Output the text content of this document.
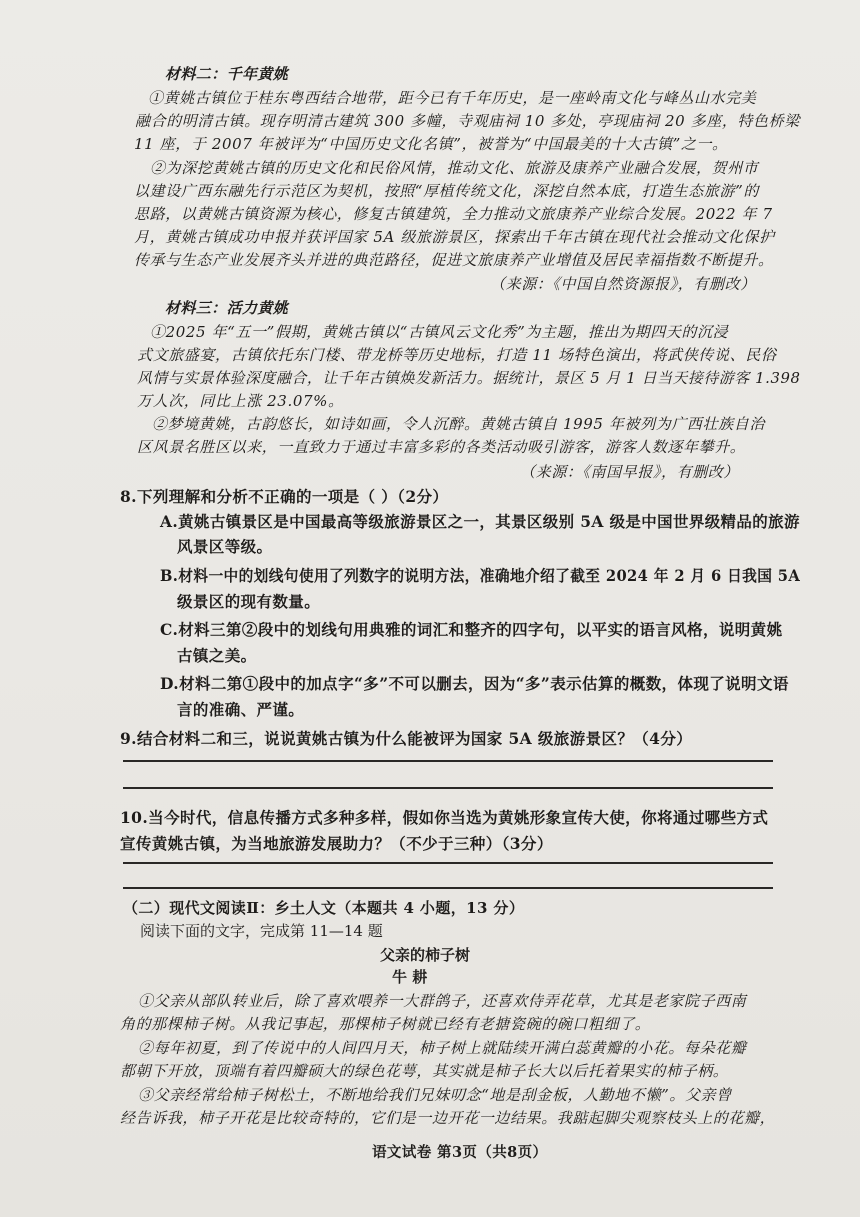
材料二：千年黄姚
①黄姚古镇位于桂东粤西结合地带，距今已有千年历史，是一座岭南文化与峰丛山水完美
融合的明清古镇。现存明清古建筑 300 多幢，寺观庙祠 10 多处，亭现庙祠 20 多座，特色桥梁
11 座，于 2007 年被评为“中国历史文化名镇”，被誉为“中国最美的十大古镇”之一。
②为深挖黄姚古镇的历史文化和民俗风情，推动文化、旅游及康养产业融合发展，贺州市
以建设广西东融先行示范区为契机，按照“厚植传统文化，深挖自然本底，打造生态旅游”的
思路，以黄姚古镇资源为核心，修复古镇建筑，全力推动文旅康养产业综合发展。2022 年 7
月，黄姚古镇成功申报并获评国家 5A 级旅游景区，探索出千年古镇在现代社会推动文化保护
传承与生态产业发展齐头并进的典范路径，促进文旅康养产业增值及居民幸福指数不断提升。
（来源：《中国自然资源报》，有删改）
材料三：活力黄姚
①2025 年“五一”假期，黄姚古镇以“古镇风云文化秀”为主题，推出为期四天的沉浸
式文旅盛宴，古镇依托东门楼、带龙桥等历史地标，打造 11 场特色演出，将武侠传说、民俗
风情与实景体验深度融合，让千年古镇焕发新活力。据统计，景区 5 月 1 日当天接待游客 1.398
万人次，同比上涨 23.07%。
②梦境黄姚，古韵悠长，如诗如画，令人沉醉。黄姚古镇自 1995 年被列为广西壮族自治
区风景名胜区以来，一直致力于通过丰富多彩的各类活动吸引游客，游客人数逐年攀升。
（来源：《南国早报》，有删改）
8.下列理解和分析不正确的一项是（ ）（2分）
A.黄姚古镇景区是中国最高等级旅游景区之一，其景区级别 5A 级是中国世界级精品的旅游
风景区等级。
B.材料一中的划线句使用了列数字的说明方法，准确地介绍了截至 2024 年 2 月 6 日我国 5A
级景区的现有数量。
C.材料三第②段中的划线句用典雅的词汇和整齐的四字句，以平实的语言风格，说明黄姚
古镇之美。
D.材料二第①段中的加点字“多”不可以删去，因为“多”表示估算的概数，体现了说明文语
言的准确、严谨。
9.结合材料二和三，说说黄姚古镇为什么能被评为国家 5A 级旅游景区？（4分）
10.当今时代，信息传播方式多种多样，假如你当选为黄姚形象宣传大使，你将通过哪些方式
宣传黄姚古镇，为当地旅游发展助力？（不少于三种）（3分）
（二）现代文阅读Ⅱ：乡土人文（本题共 4 小题，13 分）
阅读下面的文字，完成第 11—14 题
父亲的柿子树
牛 耕
①父亲从部队转业后，除了喜欢喂养一大群鸽子，还喜欢侍弄花草，尤其是老家院子西南
角的那棵柿子树。从我记事起，那棵柿子树就已经有老搪瓷碗的碗口粗细了。
②每年初夏，到了传说中的人间四月天，柿子树上就陆续开满白蕊黄瓣的小花。每朵花瓣
都朝下开放，顶端有着四瓣硕大的绿色花萼，其实就是柿子长大以后托着果实的柿子柄。
③父亲经常给柿子树松土，不断地给我们兄妹叨念“地是刮金板，人勤地不懒”。父亲曾
经告诉我，柿子开花是比较奇特的，它们是一边开花一边结果。我踮起脚尖观察枝头上的花瓣，
语文试卷 第3页（共8页）
